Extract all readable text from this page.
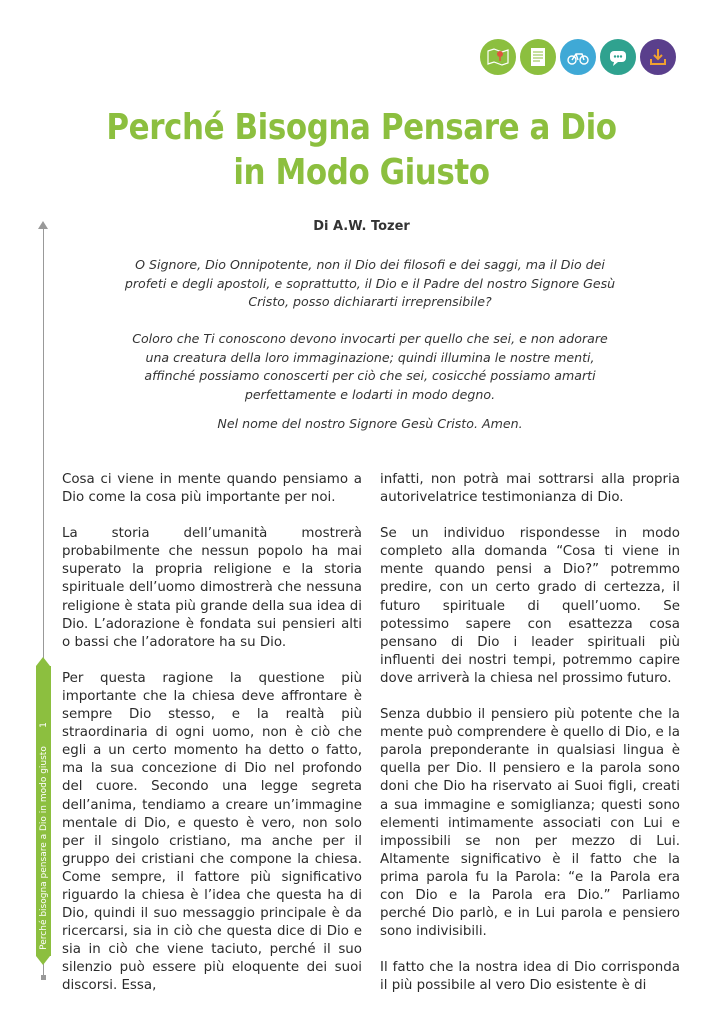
Perché Bisogna Pensare a Dio
in Modo Giusto
Di A.W. Tozer
O Signore, Dio Onnipotente, non il Dio dei filosofi e dei saggi, ma il Dio dei profeti e degli apostoli, e soprattutto, il Dio e il Padre del nostro Signore Gesù Cristo, posso dichiararti irreprensibile?
Coloro che Ti conoscono devono invocarti per quello che sei, e non adorare una creatura della loro immaginazione; quindi illumina le nostre menti, affinché possiamo conoscerti per ciò che sei, cosicché possiamo amarti perfettamente e lodarti in modo degno.
Nel nome del nostro Signore Gesù Cristo. Amen.

Cosa ci viene in mente quando pensiamo a Dio come la cosa più importante per noi.

La storia dell’umanità mostrerà probabilmente che nessun popolo ha mai superato la propria religione e la storia spirituale dell’uomo dimostrerà che nessuna religione è stata più grande della sua idea di Dio. L’adorazione è fondata sui pensieri alti o bassi che l’adoratore ha su Dio.

Per questa ragione la questione più importante che la chiesa deve affrontare è sempre Dio stesso, e la realtà più straordinaria di ogni uomo, non è ciò che egli a un certo momento ha detto o fatto, ma la sua concezione di Dio nel profondo del cuore. Secondo una legge segreta dell’anima, tendiamo a creare un’immagine mentale di Dio, e questo è vero, non solo per il singolo cristiano, ma anche per il gruppo dei cristiani che compone la chiesa. Come sempre, il fattore più significativo riguardo la chiesa è l’idea che questa ha di Dio, quindi il suo messaggio principale è da ricercarsi, sia in ciò che questa dice di Dio e sia in ciò che viene taciuto, perché il suo silenzio può essere più eloquente dei suoi discorsi. Essa,

infatti, non potrà mai sottrarsi alla propria autorivelatrice testimonianza di Dio.

Se un individuo rispondesse in modo completo alla domanda “Cosa ti viene in mente quando pensi a Dio?” potremmo predire, con un certo grado di certezza, il futuro spirituale di quell’uomo. Se potessimo sapere con esattezza cosa pensano di Dio i leader spirituali più influenti dei nostri tempi, potremmo capire dove arriverà la chiesa nel prossimo futuro.

Senza dubbio il pensiero più potente che la mente può comprendere è quello di Dio, e la parola preponderante in qualsiasi lingua è quella per Dio. Il pensiero e la parola sono doni che Dio ha riservato ai Suoi figli, creati a sua immagine e somiglianza; questi sono elementi intimamente associati con Lui e impossibili se non per mezzo di Lui. Altamente significativo è il fatto che la prima parola fu la Parola: “e la Parola era con Dio e la Parola era Dio.” Parliamo perché Dio parlò, e in Lui parola e pensiero sono indivisibili.

Il fatto che la nostra idea di Dio corrisponda il più possibile al vero Dio esistente è di

1
Perché bisogna pensare a Dio in modo giusto
